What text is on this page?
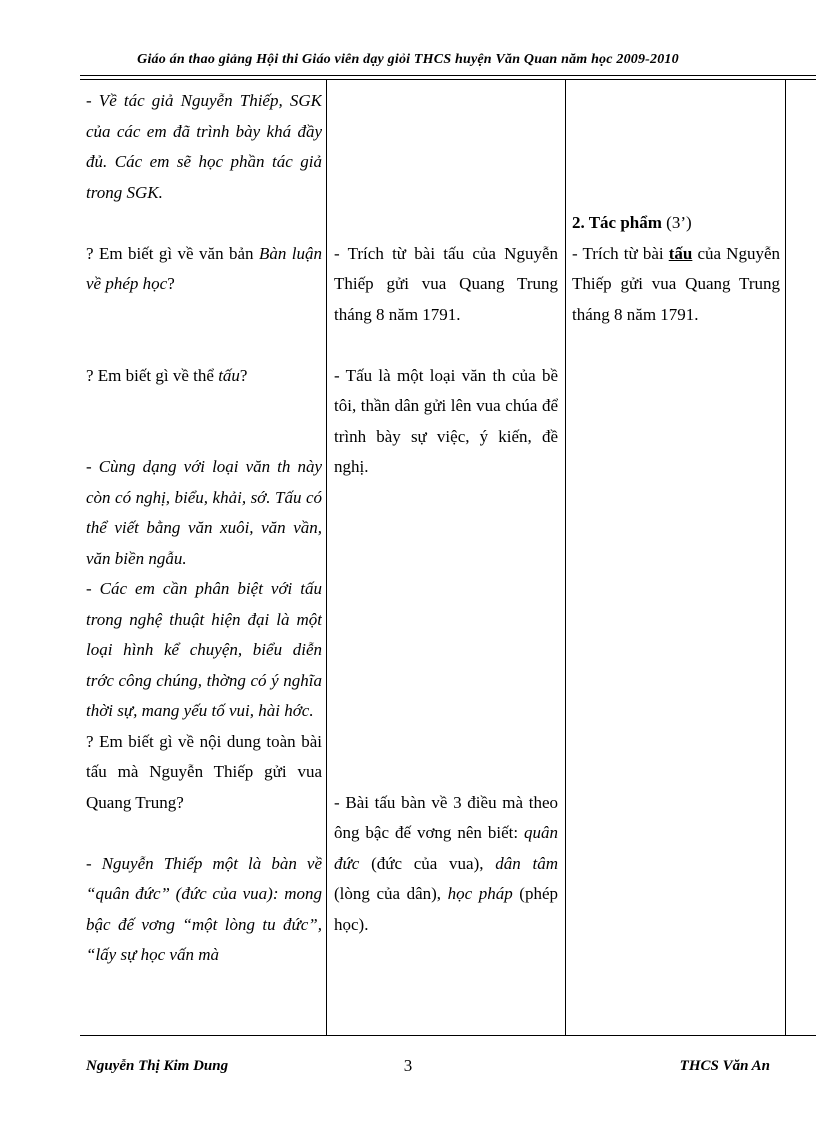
Giáo án thao giảng Hội thi Giáo viên dạy giỏi THCS huyện Văn Quan năm học 2009-2010

- Về tác giả Nguyễn Thiếp, SGK của các em đã trình bày khá đầy đủ. Các em sẽ học phần tác giả trong SGK.

? Em biết gì về văn bản Bàn luận về phép học?

? Em biết gì về thể tấu?

- Cùng dạng với loại văn th này còn có nghị, biểu, khải, sớ. Tấu có thể viết bằng văn xuôi, văn vần, văn biền ngẫu.

- Các em cần phân biệt với tấu trong nghệ thuật hiện đại là một loại hình kể chuyện, biểu diễn trớc công chúng, thờng có ý nghĩa thời sự, mang yếu tố vui, hài hớc.

? Em biết gì về nội dung toàn bài tấu mà Nguyễn Thiếp gửi vua Quang Trung?

- Nguyễn Thiếp một là bàn về “quân đức” (đức của vua): mong bậc đế vơng “một lòng tu đức”, “lấy sự học vấn mà

- Trích từ bài tấu của Nguyễn Thiếp gửi vua Quang Trung tháng 8 năm 1791.

- Tấu là một loại văn th của bề tôi, thần dân gửi lên vua chúa để trình bày sự việc, ý kiến, đề nghị.

- Bài tấu bàn về 3 điều mà theo ông bậc đế vơng nên biết: quân đức (đức của vua), dân tâm (lòng của dân), học pháp (phép học).

2. Tác phẩm (3’)

- Trích từ bài tấu của Nguyễn Thiếp gửi vua Quang Trung tháng 8 năm 1791.

Nguyễn Thị Kim Dung	3	THCS Văn An
